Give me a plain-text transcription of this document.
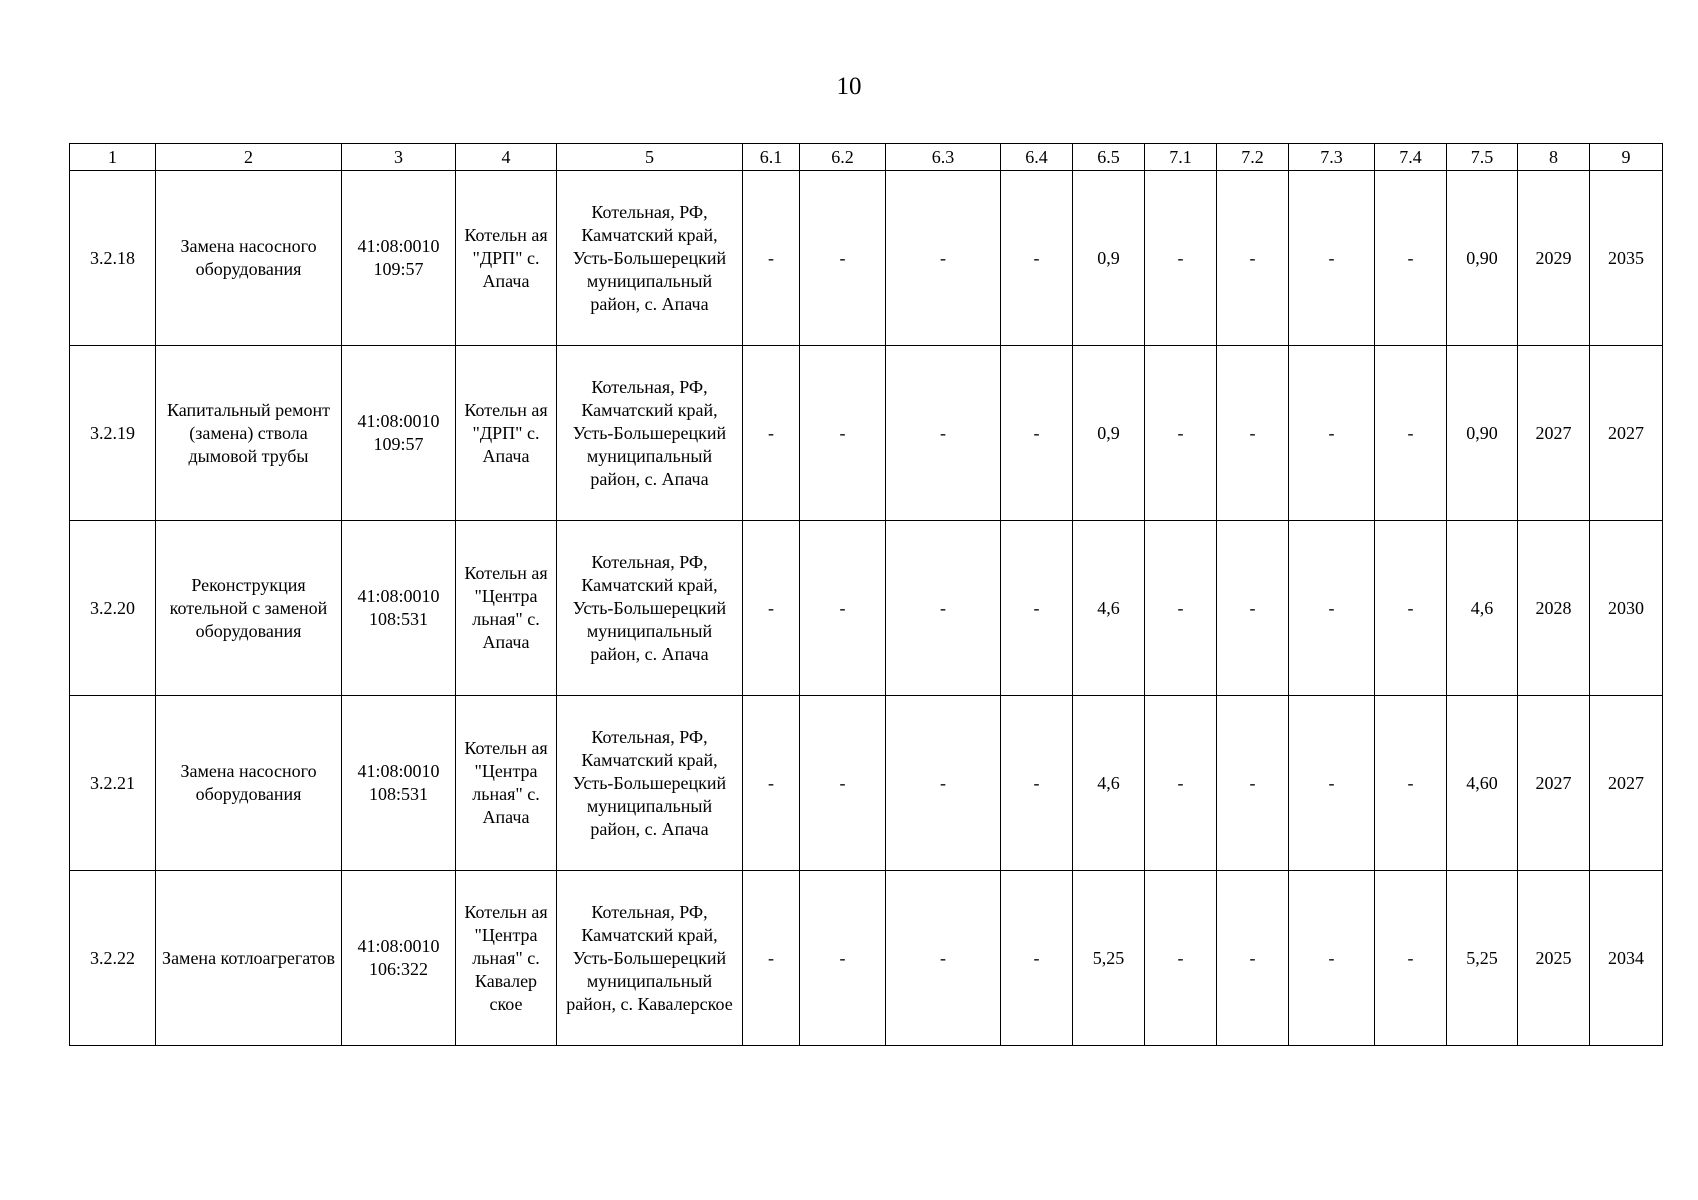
10
1	2	3	4	5	6.1	6.2	6.3	6.4	6.5	7.1	7.2	7.3	7.4	7.5	8	9
3.2.18	Замена насосного оборудования	41:08:0010 109:57	Котельн ая "ДРП" с. Апача	Котельная, РФ, Камчатский край, Усть-Большерецкий муниципальный район, с. Апача	-	-	-	-	0,9	-	-	-	-	0,90	2029	2035
3.2.19	Капитальный ремонт (замена) ствола дымовой трубы	41:08:0010 109:57	Котельн ая "ДРП" с. Апача	Котельная, РФ, Камчатский край, Усть-Большерецкий муниципальный район, с. Апача	-	-	-	-	0,9	-	-	-	-	0,90	2027	2027
3.2.20	Реконструкция котельной с заменой оборудования	41:08:0010 108:531	Котельн ая "Центра льная" с. Апача	Котельная, РФ, Камчатский край, Усть-Большерецкий муниципальный район, с. Апача	-	-	-	-	4,6	-	-	-	-	4,6	2028	2030
3.2.21	Замена насосного оборудования	41:08:0010 108:531	Котельн ая "Центра льная" с. Апача	Котельная, РФ, Камчатский край, Усть-Большерецкий муниципальный район, с. Апача	-	-	-	-	4,6	-	-	-	-	4,60	2027	2027
3.2.22	Замена котлоагрегатов	41:08:0010 106:322	Котельн ая "Центра льная" с. Кавалер ское	Котельная, РФ, Камчатский край, Усть-Большерецкий муниципальный район, с. Кавалерское	-	-	-	-	5,25	-	-	-	-	5,25	2025	2034
